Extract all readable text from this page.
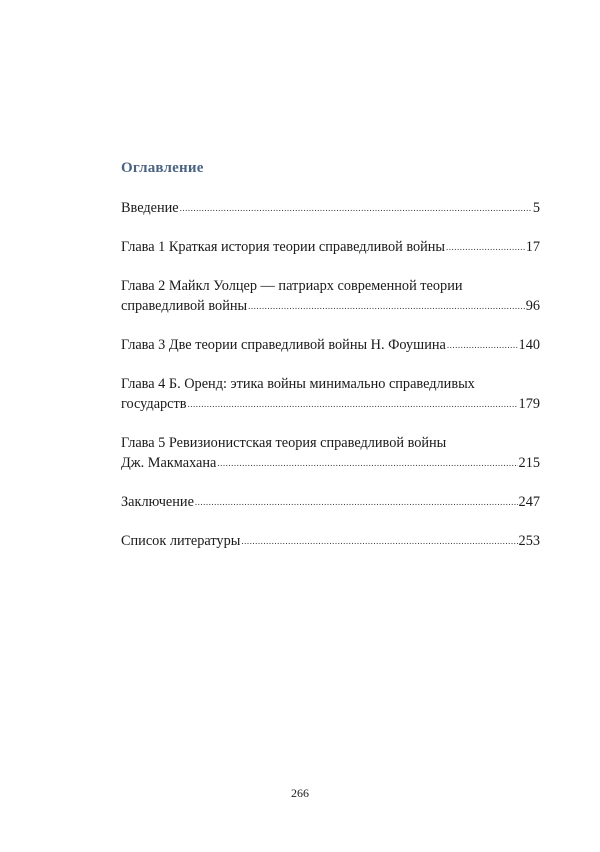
Оглавление
Введение .....	5
Глава 1 Краткая история теории справедливой войны .....	17
Глава 2 Майкл Уолцер — патриарх современной теории
справедливой войны .....	96
Глава 3 Две теории справедливой войны Н. Фоушина .....	140
Глава 4 Б. Оренд: этика войны минимально справедливых
государств .....	179
Глава 5 Ревизионистская теория справедливой войны
Дж. Макмахана .....	215
Заключение .....	247
Список литературы .....	253
266
